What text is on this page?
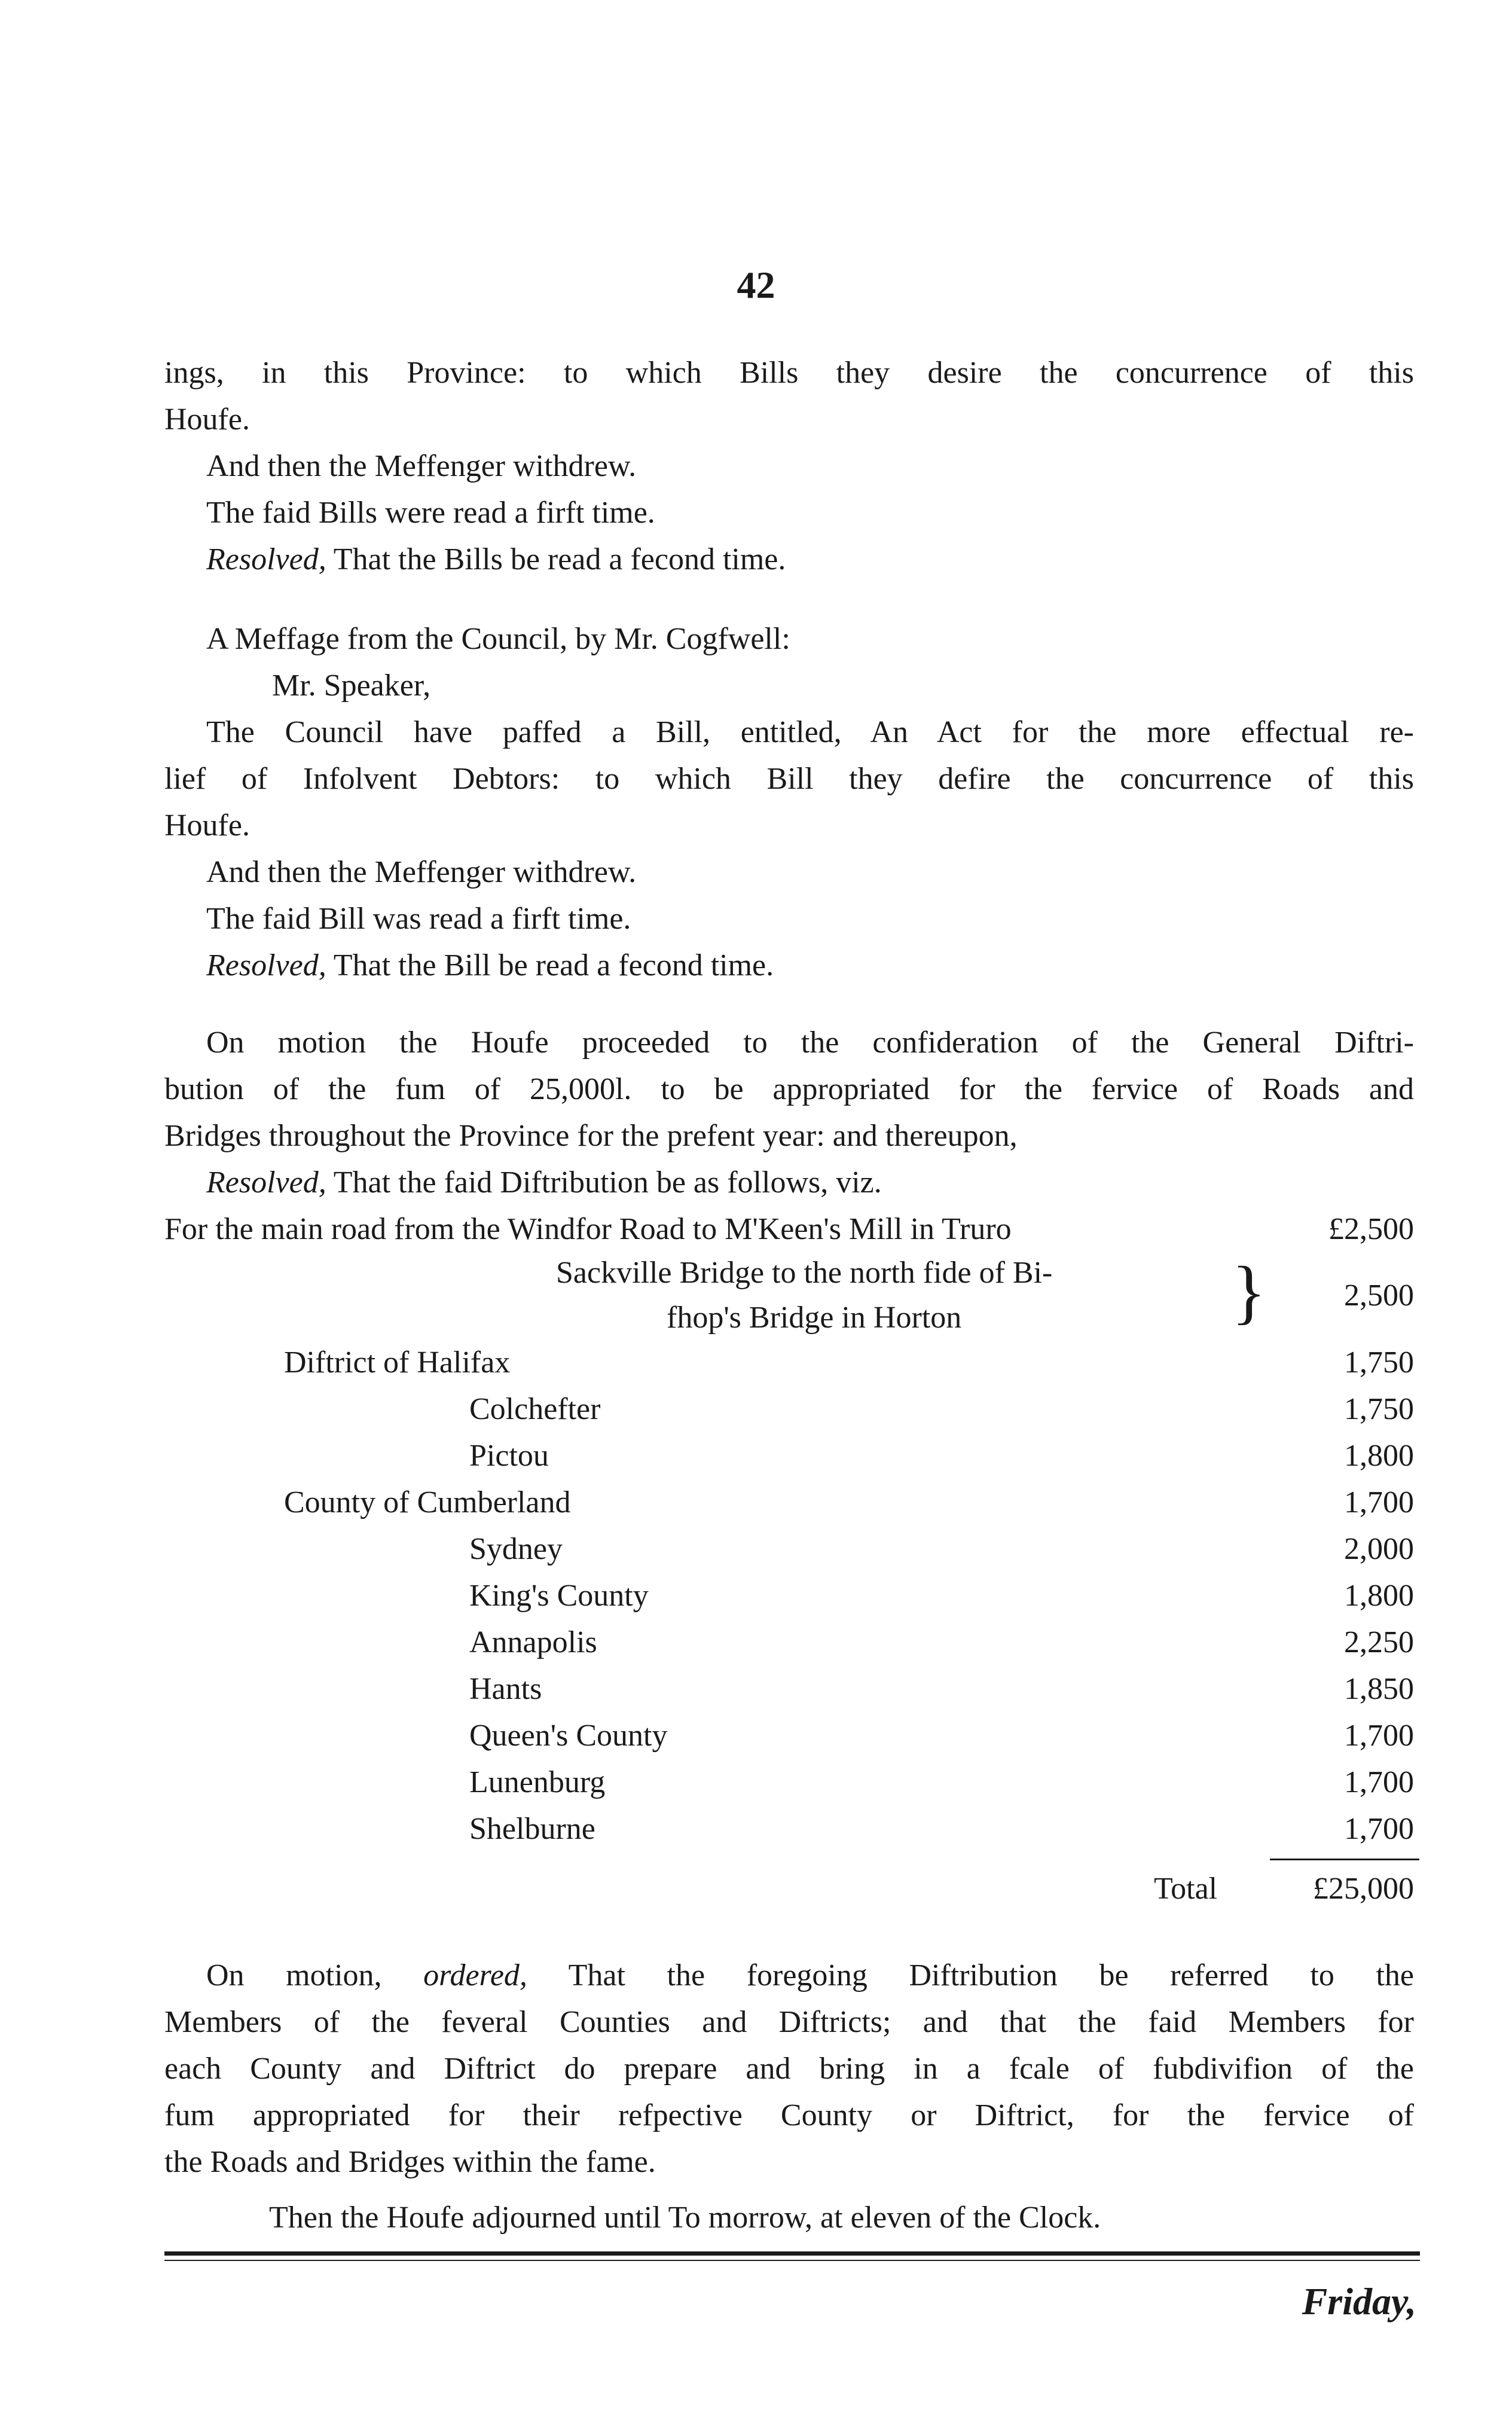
42
ings, in this Province: to which Bills they desire the concurrence of this
Houfe.
And then the Meffenger withdrew.
The faid Bills were read a firft time.
Resolved, That the Bills be read a fecond time.
A Meffage from the Council, by Mr. Cogfwell:
Mr. Speaker,
The Council have paffed a Bill, entitled, An Act for the more effectual re-
lief of Infolvent Debtors: to which Bill they defire the concurrence of this
Houfe.
And then the Meffenger withdrew.
The faid Bill was read a firft time.
Resolved, That the Bill be read a fecond time.
On motion the Houfe proceeded to the confideration of the General Diftri-
bution of the fum of 25,000l. to be appropriated for the fervice of Roads and
Bridges throughout the Province for the prefent year: and thereupon,
Resolved, That the faid Diftribution be as follows, viz.
For the main road from the Windfor Road to M'Keen's Mill in Truro	£2,500
Sackville Bridge to the north fide of Bi-
fhop's Bridge in Horton	}	2,500
Diftrict of Halifax	1,750
Colchefter	1,750
Pictou	1,800
County of Cumberland	1,700
Sydney	2,000
King's County	1,800
Annapolis	2,250
Hants	1,850
Queen's County	1,700
Lunenburg	1,700
Shelburne	1,700
Total	£25,000
On motion, ordered, That the foregoing Diftribution be referred to the
Members of the feveral Counties and Diftricts; and that the faid Members for
each County and Diftrict do prepare and bring in a fcale of fubdivifion of the
fum appropriated for their refpective County or Diftrict, for the fervice of
the Roads and Bridges within the fame.
Then the Houfe adjourned until To morrow, at eleven of the Clock.
Friday,
